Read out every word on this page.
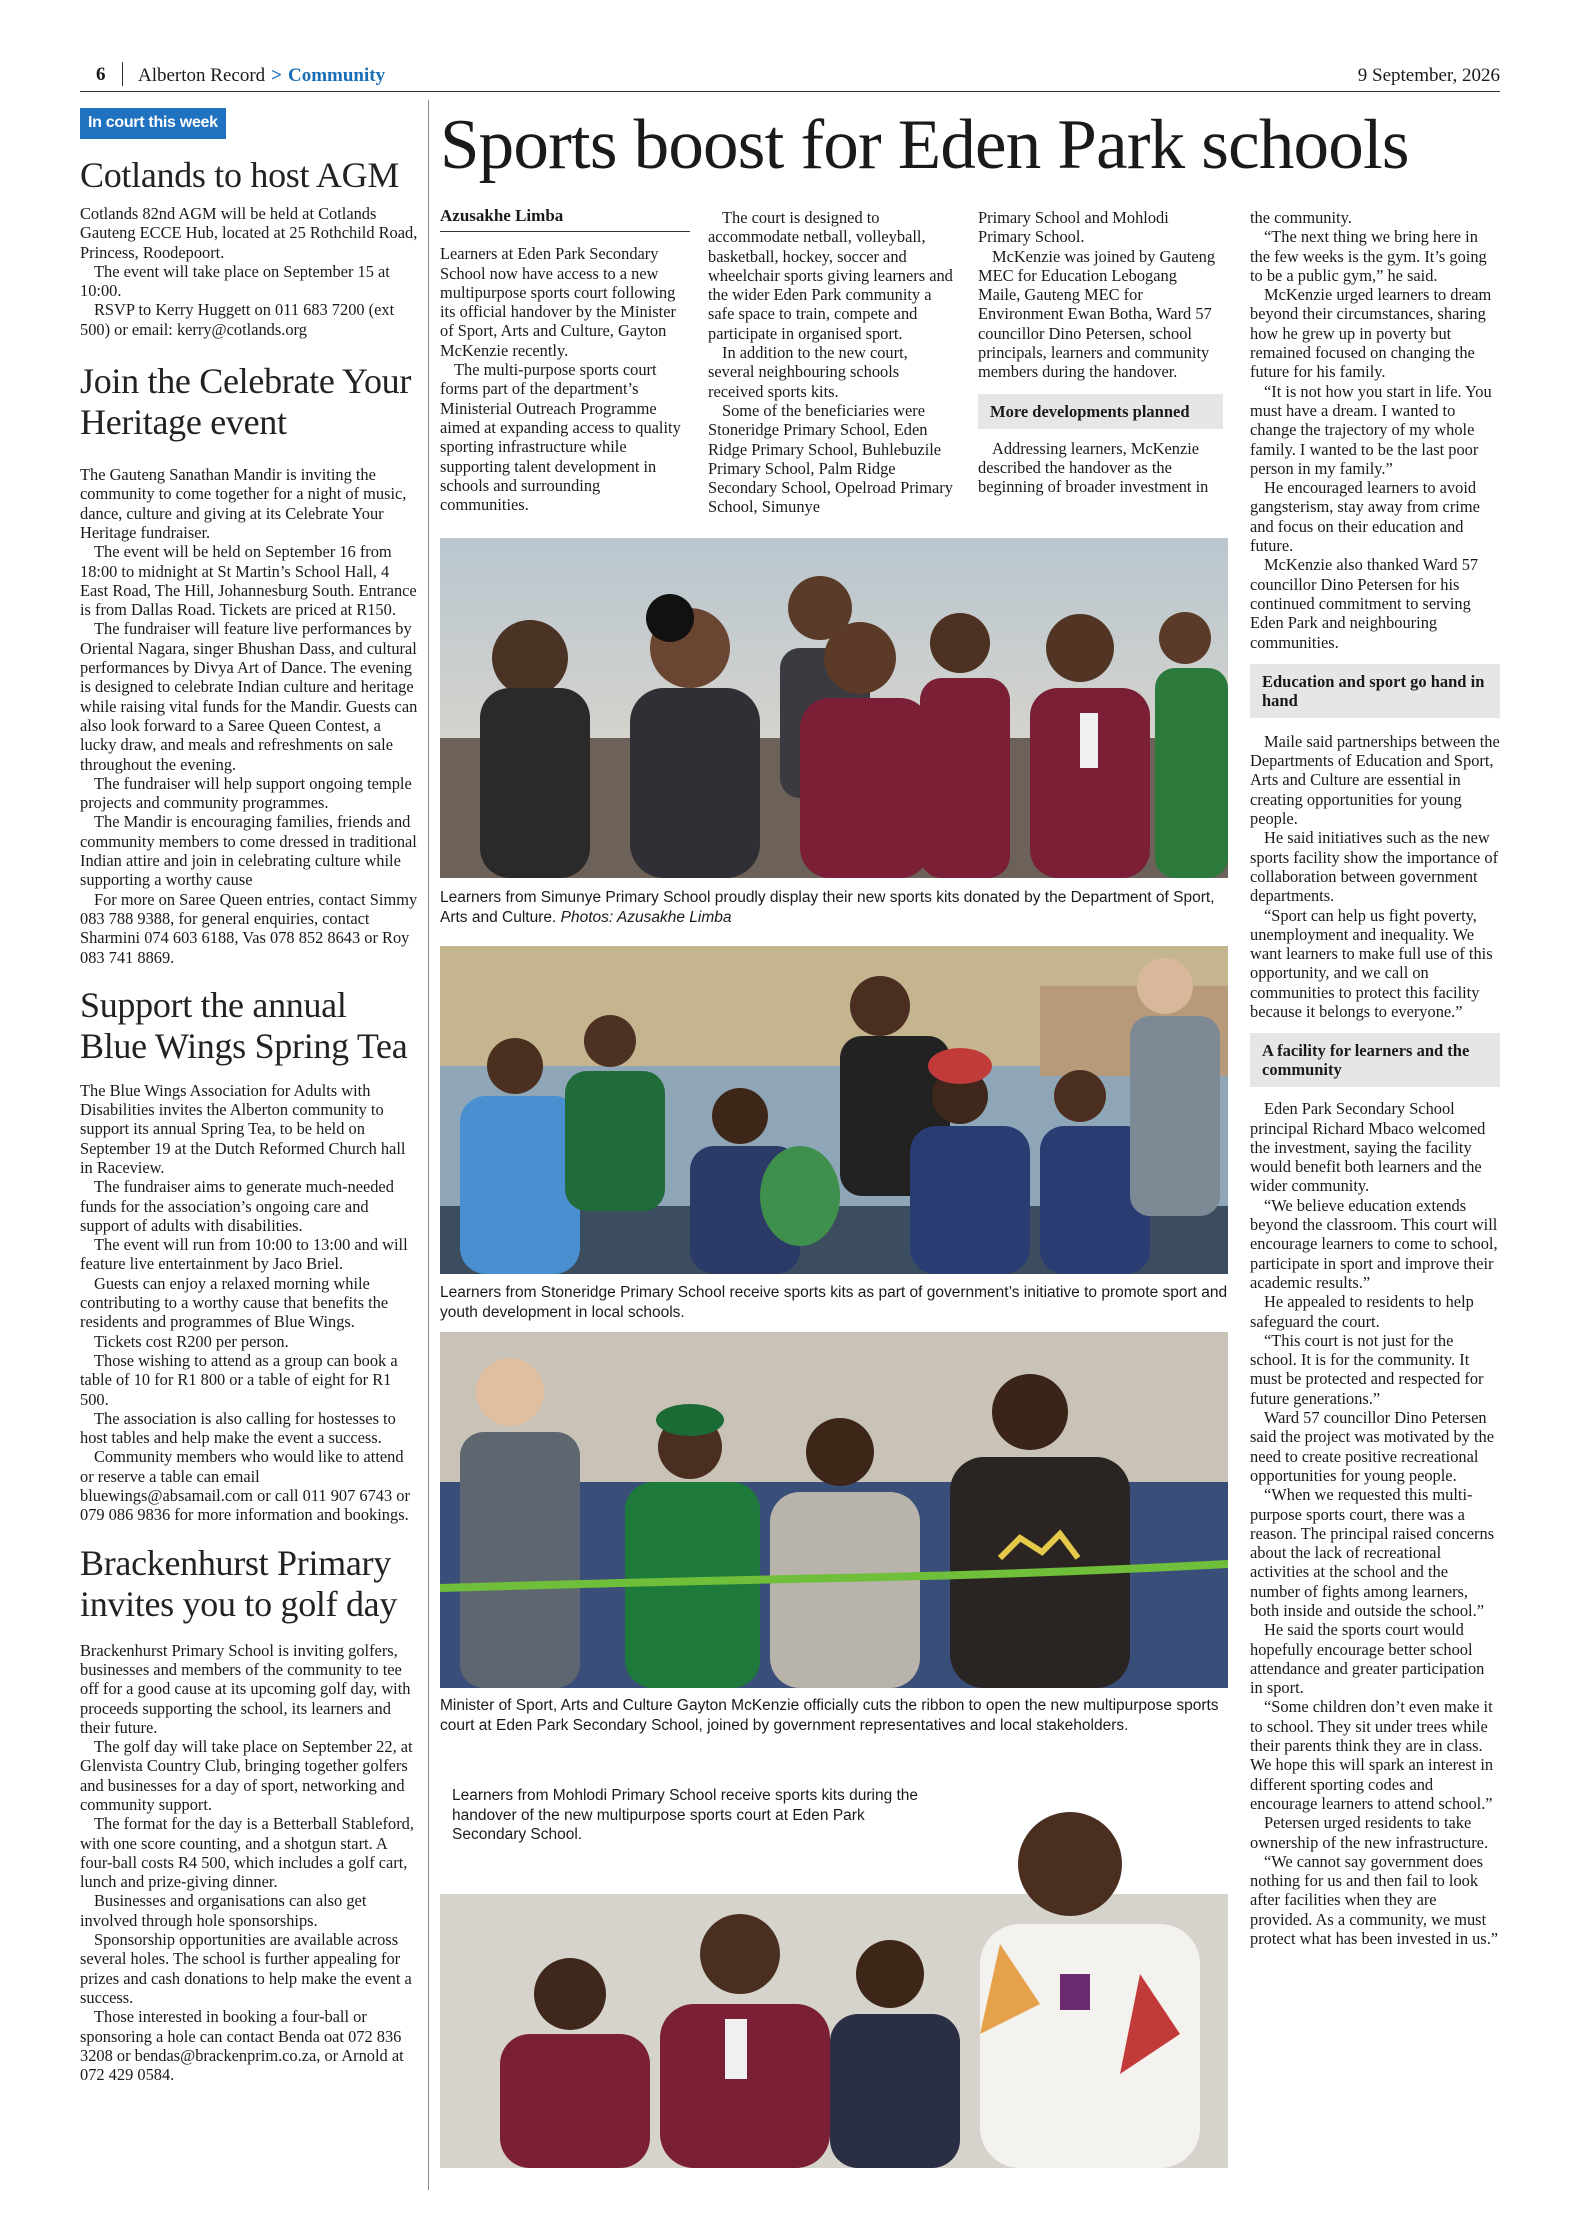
6 Alberton Record > Community	9 September, 2026
In court this week
Cotlands to host AGM

Cotlands 82nd AGM will be held at Cotlands Gauteng ECCE Hub, located at 25 Rothchild Road, Princess, Roodepoort.

The event will take place on September 15 at 10:00.

RSVP to Kerry Huggett on 011 683 7200 (ext 500) or email: kerry@cotlands.org

Join the Celebrate Your Heritage event

The Gauteng Sanathan Mandir is inviting the community to come together for a night of music, dance, culture and giving at its Celebrate Your Heritage fundraiser.

The event will be held on September 16 from 18:00 to midnight at St Martin’s School Hall, 4 East Road, The Hill, Johannesburg South. Entrance is from Dallas Road. Tickets are priced at R150.

The fundraiser will feature live performances by Oriental Nagara, singer Bhushan Dass, and cultural performances by Divya Art of Dance. The evening is designed to celebrate Indian culture and heritage while raising vital funds for the Mandir. Guests can also look forward to a Saree Queen Contest, a lucky draw, and meals and refreshments on sale throughout the evening.

The fundraiser will help support ongoing temple projects and community programmes.

The Mandir is encouraging families, friends and community members to come dressed in traditional Indian attire and join in celebrating culture while supporting a worthy cause

For more on Saree Queen entries, contact Simmy 083 788 9388, for general enquiries, contact Sharmini 074 603 6188, Vas 078 852 8643 or Roy 083 741 8869.

Support the annual Blue Wings Spring Tea

The Blue Wings Association for Adults with Disabilities invites the Alberton community to support its annual Spring Tea, to be held on September 19 at the Dutch Reformed Church hall in Raceview.

The fundraiser aims to generate much-needed funds for the association’s ongoing care and support of adults with disabilities.

The event will run from 10:00 to 13:00 and will feature live entertainment by Jaco Briel.

Guests can enjoy a relaxed morning while contributing to a worthy cause that benefits the residents and programmes of Blue Wings.

Tickets cost R200 per person.

Those wishing to attend as a group can book a table of 10 for R1 800 or a table of eight for R1 500.

The association is also calling for hostesses to host tables and help make the event a success.

Community members who would like to attend or reserve a table can email bluewings@absamail.com or call 011 907 6743 or 079 086 9836 for more information and bookings.

Brackenhurst Primary invites you to golf day

Brackenhurst Primary School is inviting golfers, businesses and members of the community to tee off for a good cause at its upcoming golf day, with proceeds supporting the school, its learners and their future.

The golf day will take place on September 22, at Glenvista Country Club, bringing together golfers and businesses for a day of sport, networking and community support.

The format for the day is a Betterball Stableford, with one score counting, and a shotgun start. A four-ball costs R4 500, which includes a golf cart, lunch and prize-giving dinner.

Businesses and organisations can also get involved through hole sponsorships.

Sponsorship opportunities are available across several holes. The school is further appealing for prizes and cash donations to help make the event a success.

Those interested in booking a four-ball or sponsoring a hole can contact Benda oat 072 836 3208 or bendas@brackenprim.co.za, or Arnold at 072 429 0584.

Sports boost for Eden Park schools
Azusakhe Limba

Learners at Eden Park Secondary School now have access to a new multipurpose sports court following its official handover by the Minister of Sport, Arts and Culture, Gayton McKenzie recently.

The multi-purpose sports court forms part of the department’s Ministerial Outreach Programme aimed at expanding access to quality sporting infrastructure while supporting talent development in schools and surrounding communities.

The court is designed to accommodate netball, volleyball, basketball, hockey, soccer and wheelchair sports giving learners and the wider Eden Park community a safe space to train, compete and participate in organised sport.

In addition to the new court, several neighbouring schools received sports kits.

Some of the beneficiaries were Stoneridge Primary School, Eden Ridge Primary School, Buhlebuzile Primary School, Palm Ridge Secondary School, Opelroad Primary School, Simunye

Primary School and Mohlodi Primary School.

McKenzie was joined by Gauteng MEC for Education Lebogang Maile, Gauteng MEC for Environment Ewan Botha, Ward 57 councillor Dino Petersen, school principals, learners and community members during the handover.

More developments planned

Addressing learners, McKenzie described the handover as the beginning of broader investment in

the community.

“The next thing we bring here in the few weeks is the gym. It’s going to be a public gym,” he said.

McKenzie urged learners to dream beyond their circumstances, sharing how he grew up in poverty but remained focused on changing the future for his family.

“It is not how you start in life. You must have a dream. I wanted to change the trajectory of my whole family. I wanted to be the last poor person in my family.”

He encouraged learners to avoid gangsterism, stay away from crime and focus on their education and future.

McKenzie also thanked Ward 57 councillor Dino Petersen for his continued commitment to serving Eden Park and neighbouring communities.

Education and sport go hand in hand

Maile said partnerships between the Departments of Education and Sport, Arts and Culture are essential in creating opportunities for young people.

He said initiatives such as the new sports facility show the importance of collaboration between government departments.

“Sport can help us fight poverty, unemployment and inequality. We want learners to make full use of this opportunity, and we call on communities to protect this facility because it belongs to everyone.”

A facility for learners and the community

Eden Park Secondary School principal Richard Mbaco welcomed the investment, saying the facility would benefit both learners and the wider community.

“We believe education extends beyond the classroom. This court will encourage learners to come to school, participate in sport and improve their academic results.”

He appealed to residents to help safeguard the court.

“This court is not just for the school. It is for the community. It must be protected and respected for future generations.”

Ward 57 councillor Dino Petersen said the project was motivated by the need to create positive recreational opportunities for young people.

“When we requested this multi-purpose sports court, there was a reason. The principal raised concerns about the lack of recreational activities at the school and the number of fights among learners, both inside and outside the school.”

He said the sports court would hopefully encourage better school attendance and greater participation in sport.

“Some children don’t even make it to school. They sit under trees while their parents think they are in class. We hope this will spark an interest in different sporting codes and encourage learners to attend school.”

Petersen urged residents to take ownership of the new infrastructure.

“We cannot say government does nothing for us and then fail to look after facilities when they are provided. As a community, we must protect what has been invested in us.”

Learners from Simunye Primary School proudly display their new sports kits donated by the Department of Sport, Arts and Culture. Photos: Azusakhe Limba
Learners from Stoneridge Primary School receive sports kits as part of government’s initiative to promote sport and youth development in local schools.
Minister of Sport, Arts and Culture Gayton McKenzie officially cuts the ribbon to open the new multipurpose sports court at Eden Park Secondary School, joined by government representatives and local stakeholders.
Learners from Mohlodi Primary School receive sports kits during the handover of the new multipurpose sports court at Eden Park Secondary School.
